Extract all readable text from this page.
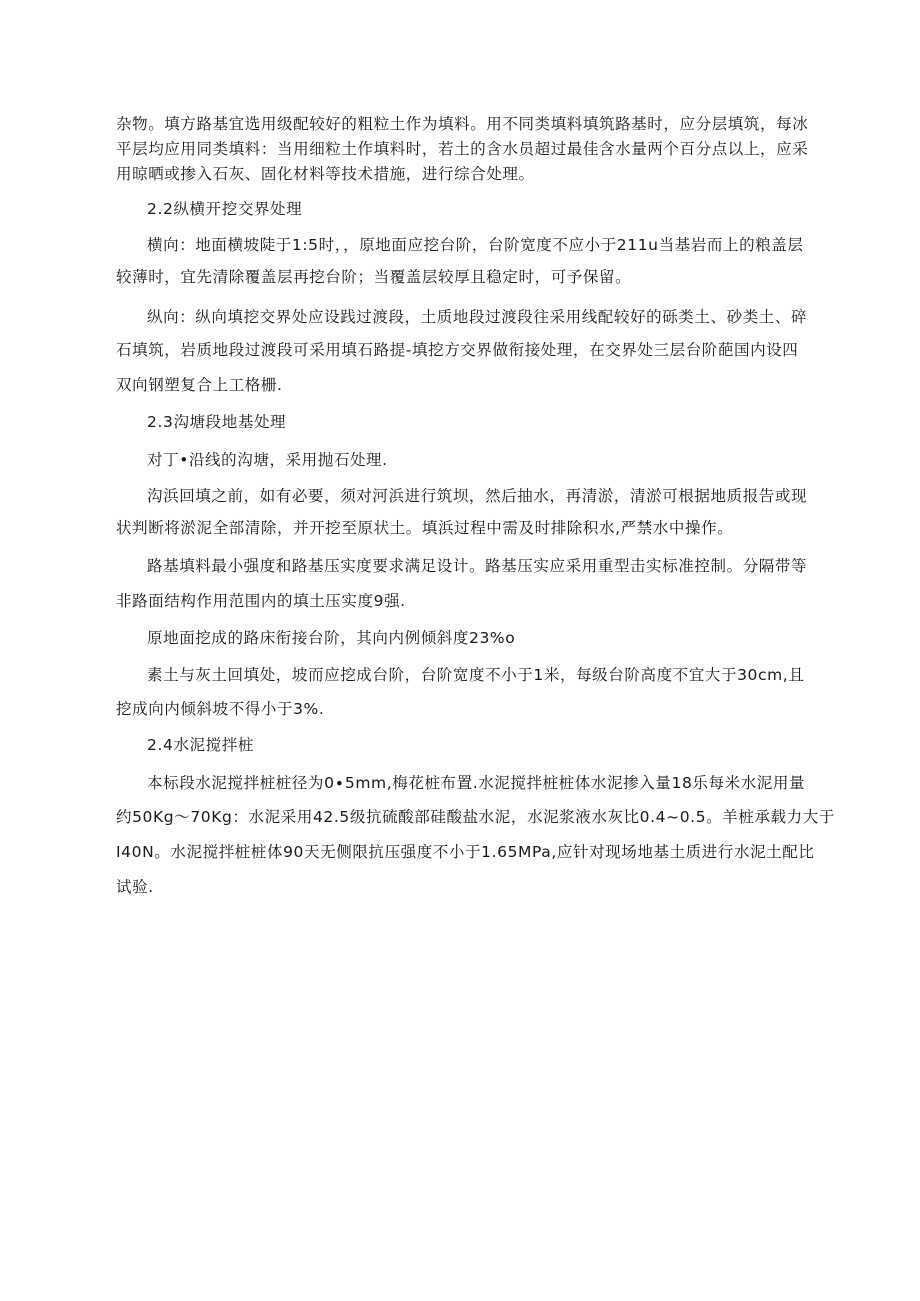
杂物。填方路基宜选用级配较好的粗粒土作为填料。用不同类填料填筑路基时，应分层填筑，每冰
平层均应用同类填料：当用细粒土作填料时，若土的含水员超过最佳含水量两个百分点以上，应采
用晾晒或掺入石灰、固化材料等技术措施，进行综合处理。
2.2纵横开挖交界处理
横向：地面横坡陡于1:5时，，原地面应挖台阶，台阶宽度不应小于211u当基岩而上的粮盖层
较薄时，宜先清除覆盖层再挖台阶；当覆盖层较厚且稳定时，可予保留。
纵向：纵向填挖交界处应设践过渡段，土质地段过渡段往采用线配较好的砾类土、砂类土、碎
石填筑，岩质地段过渡段可采用填石路提-填挖方交界做衔接处理，在交界处三层台阶葩国内设四
双向钢塑复合上工格栅.
2.3沟塘段地基处理
对丁•沿线的沟塘，采用抛石处理.
沟浜回填之前，如有必要，须对河浜进行筑坝，然后抽水，再清淤，清淤可根据地质报告或现
状判断将淤泥全部清除，并开挖至原状土。填浜过程中需及时排除积水,严禁水中操作。
路基填料最小强度和路基压实度要求满足设计。路基压实应采用重型击实标准控制。分隔带等
非路面结构作用范围内的填土压实度9强.
原地面挖成的路床衔接台阶，其向内例倾斜度23%o
素土与灰土回填处，坡而应挖成台阶，台阶宽度不小于1米，每级台阶高度不宜大于30cm,且
挖成向内倾斜坡不得小于3%.
2.4水泥搅拌桩
本标段水泥搅拌桩桩径为0∙5mm,梅花桩布置.水泥搅拌桩桩体水泥掺入量18乐每米水泥用量
约50Kg〜70Kg：水泥采用42.5级抗硫酸部硅酸盐水泥，水泥浆液水灰比0.4~0.5。羊桩承载力大于
I40N。水泥搅拌桩桩体90天无侧限抗压强度不小于1.65MPa,应针对现场地基土质进行水泥土配比
试验.
